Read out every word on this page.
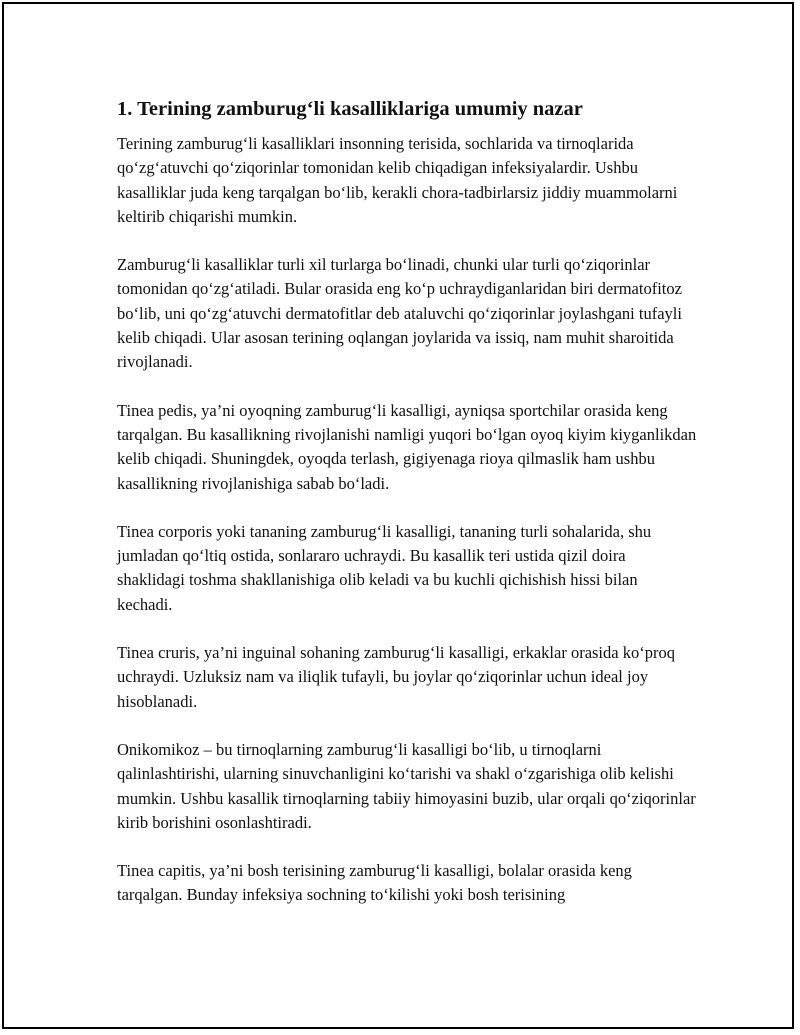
1. Terining zamburug‘li kasalliklariga umumiy nazar

Terining zamburug‘li kasalliklari insonning terisida, sochlarida va tirnoqlarida qo‘zg‘atuvchi qo‘ziqorinlar tomonidan kelib chiqadigan infeksiyalardir. Ushbu kasalliklar juda keng tarqalgan bo‘lib, kerakli chora-tadbirlarsiz jiddiy muammolarni keltirib chiqarishi mumkin.

Zamburug‘li kasalliklar turli xil turlarga bo‘linadi, chunki ular turli qo‘ziqorinlar tomonidan qo‘zg‘atiladi. Bular orasida eng ko‘p uchraydiganlaridan biri dermatofitoz bo‘lib, uni qo‘zg‘atuvchi dermatofitlar deb ataluvchi qo‘ziqorinlar joylashgani tufayli kelib chiqadi. Ular asosan terining oqlangan joylarida va issiq, nam muhit sharoitida rivojlanadi.

Tinea pedis, ya’ni oyoqning zamburug‘li kasalligi, ayniqsa sportchilar orasida keng tarqalgan. Bu kasallikning rivojlanishi namligi yuqori bo‘lgan oyoq kiyim kiyganlikdan kelib chiqadi. Shuningdek, oyoqda terlash, gigiyenaga rioya qilmaslik ham ushbu kasallikning rivojlanishiga sabab bo‘ladi.

Tinea corporis yoki tananing zamburug‘li kasalligi, tananing turli sohalarida, shu jumladan qo‘ltiq ostida, sonlararo uchraydi. Bu kasallik teri ustida qizil doira shaklidagi toshma shakllanishiga olib keladi va bu kuchli qichishish hissi bilan kechadi.

Tinea cruris, ya’ni inguinal sohaning zamburug‘li kasalligi, erkaklar orasida ko‘proq uchraydi. Uzluksiz nam va iliqlik tufayli, bu joylar qo‘ziqorinlar uchun ideal joy hisoblanadi.

Onikomikoz – bu tirnoqlarning zamburug‘li kasalligi bo‘lib, u tirnoqlarni qalinlashtirishi, ularning sinuvchanligini ko‘tarishi va shakl o‘zgarishiga olib kelishi mumkin. Ushbu kasallik tirnoqlarning tabiiy himoyasini buzib, ular orqali qo‘ziqorinlar kirib borishini osonlashtiradi.

Tinea capitis, ya’ni bosh terisining zamburug‘li kasalligi, bolalar orasida keng tarqalgan. Bunday infeksiya sochning to‘kilishi yoki bosh terisining
